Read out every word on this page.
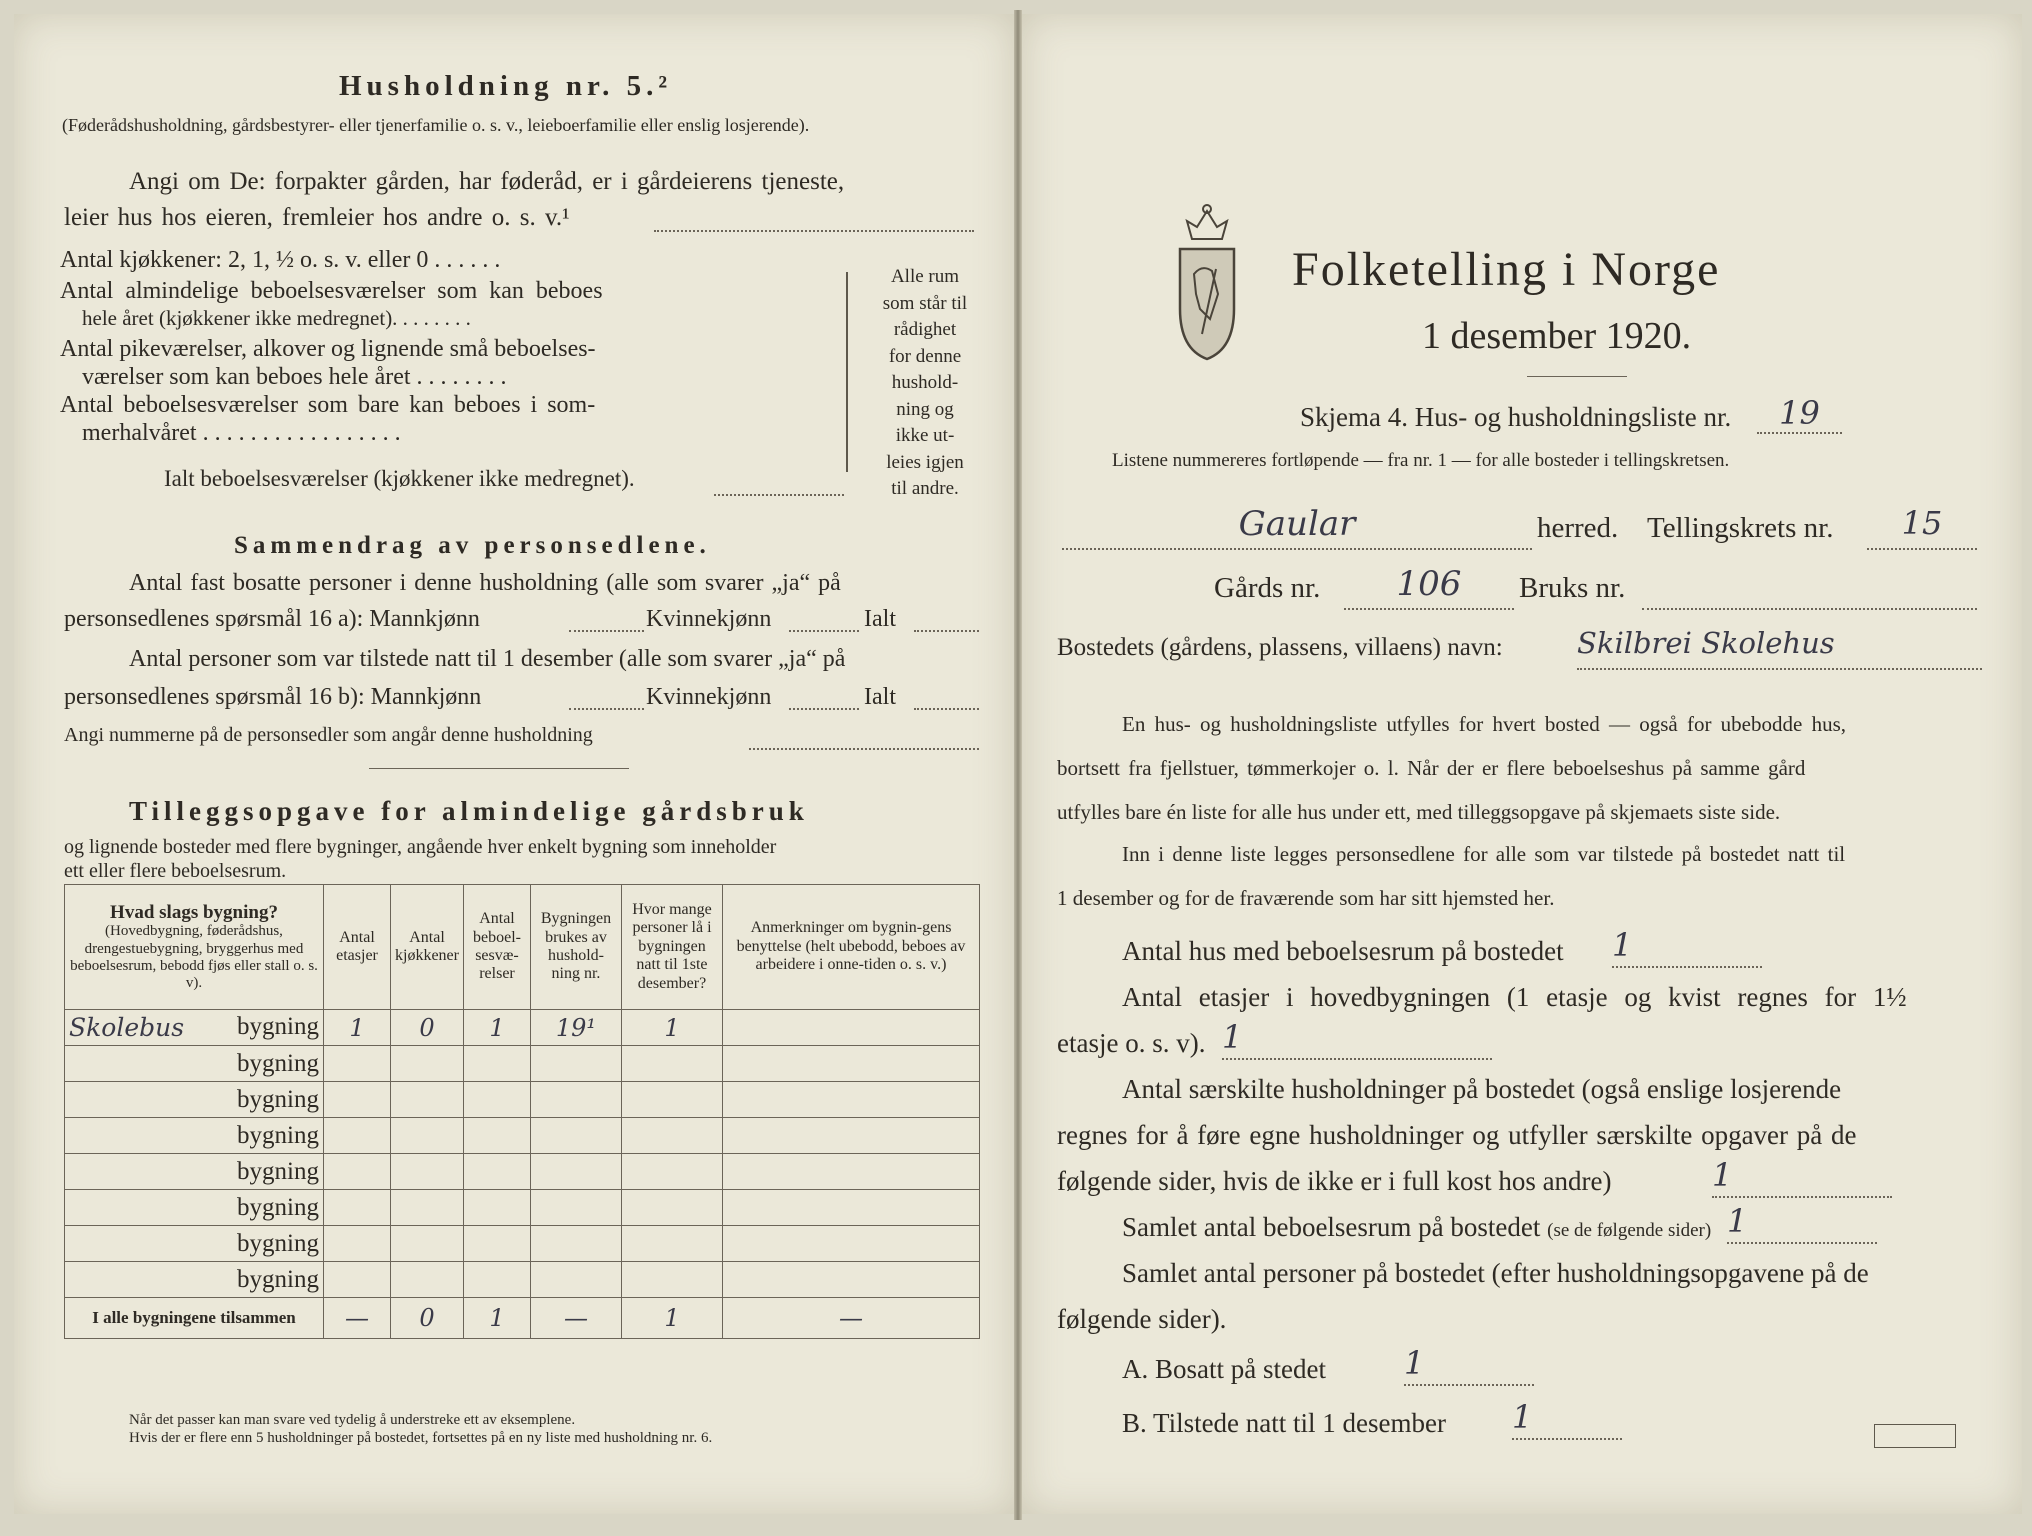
Husholdning nr. 5.²
(Føderådshusholdning, gårdsbestyrer- eller tjenerfamilie o. s. v., leieboerfamilie eller enslig losjerende).
Angi om De: forpakter gården, har føderåd, er i gårdeierens tjeneste,
leier hus hos eieren, fremleier hos andre o. s. v.¹
Antal kjøkkener: 2, 1, ½ o. s. v. eller 0 . . . . . .
Antal almindelige beboelsesværelser som kan beboes
hele året (kjøkkener ikke medregnet). . . . . . . .
Antal pikeværelser, alkover og lignende små beboelses-
værelser som kan beboes hele året . . . . . . . .
Antal beboelsesværelser som bare kan beboes i som-
merhalvåret . . . . . . . . . . . . . . . . .
Ialt beboelsesværelser (kjøkkener ikke medregnet).
Alle rum
som står til
rådighet
for denne
hushold-
ning og
ikke ut-
leies igjen
til andre.
Sammendrag av personsedlene.
Antal fast bosatte personer i denne husholdning (alle som svarer „ja“ på
personsedlenes spørsmål 16 a): Mannkjønn	Kvinnekjønn	Ialt
Antal personer som var tilstede natt til 1 desember (alle som svarer „ja“ på
personsedlenes spørsmål 16 b): Mannkjønn	Kvinnekjønn	Ialt
Angi nummerne på de personsedler som angår denne husholdning
Tilleggsopgave for almindelige gårdsbruk
og lignende bosteder med flere bygninger, angående hver enkelt bygning som inneholder
ett eller flere beboelsesrum.
Hvad slags bygning?
(Hovedbygning, føderådshus, drengestuebygning, bryggerhus med beboelsesrum, bebodd fjøs eller stall o. s. v).	Antal etasjer	Antal kjøkkener	Antal beboel-sesvæ-relser	Bygningen brukes av hushold-ning nr.	Hvor mange personer lå i bygningen natt til 1ste desember?	Anmerkninger om bygnin-gens benyttelse (helt ubebodd, beboes av arbeidere i onne-tiden o. s. v.)

Skolebus bygning	1	0	1	19¹	1	

bygning						

bygning						

bygning						

bygning						

bygning						

bygning						

bygning						
I alle bygningene tilsammen	—	0	1	—	1	—
Når det passer kan man svare ved tydelig å understreke ett av eksemplene.
Hvis der er flere enn 5 husholdninger på bostedet, fortsettes på en ny liste med husholdning nr. 6.
Folketelling i Norge
1 desember 1920.
Skjema 4. Hus- og husholdningsliste nr.	19
Listene nummereres fortløpende — fra nr. 1 — for alle bosteder i tellingskretsen.
Gaular	herred. Tellingskrets nr.	15
Gårds nr.	106	Bruks nr.
Bostedets (gårdens, plassens, villaens) navn:	Skilbrei Skolehus
En hus- og husholdningsliste utfylles for hvert bosted — også for ubebodde hus,
bortsett fra fjellstuer, tømmerkojer o. l. Når der er flere beboelseshus på samme gård
utfylles bare én liste for alle hus under ett, med tilleggsopgave på skjemaets siste side.
Inn i denne liste legges personsedlene for alle som var tilstede på bostedet natt til
1 desember og for de fraværende som har sitt hjemsted her.
Antal hus med beboelsesrum på bostedet 1
Antal etasjer i hovedbygningen (1 etasje og kvist regnes for 1½
etasje o. s. v). 1
Antal særskilte husholdninger på bostedet (også enslige losjerende
regnes for å føre egne husholdninger og utfyller særskilte opgaver på de
følgende sider, hvis de ikke er i full kost hos andre)	1
Samlet antal beboelsesrum på bostedet (se de følgende sider) 1
Samlet antal personer på bostedet (efter husholdningsopgavene på de
følgende sider).
A. Bosatt på stedet 1
B. Tilstede natt til 1 desember 1
